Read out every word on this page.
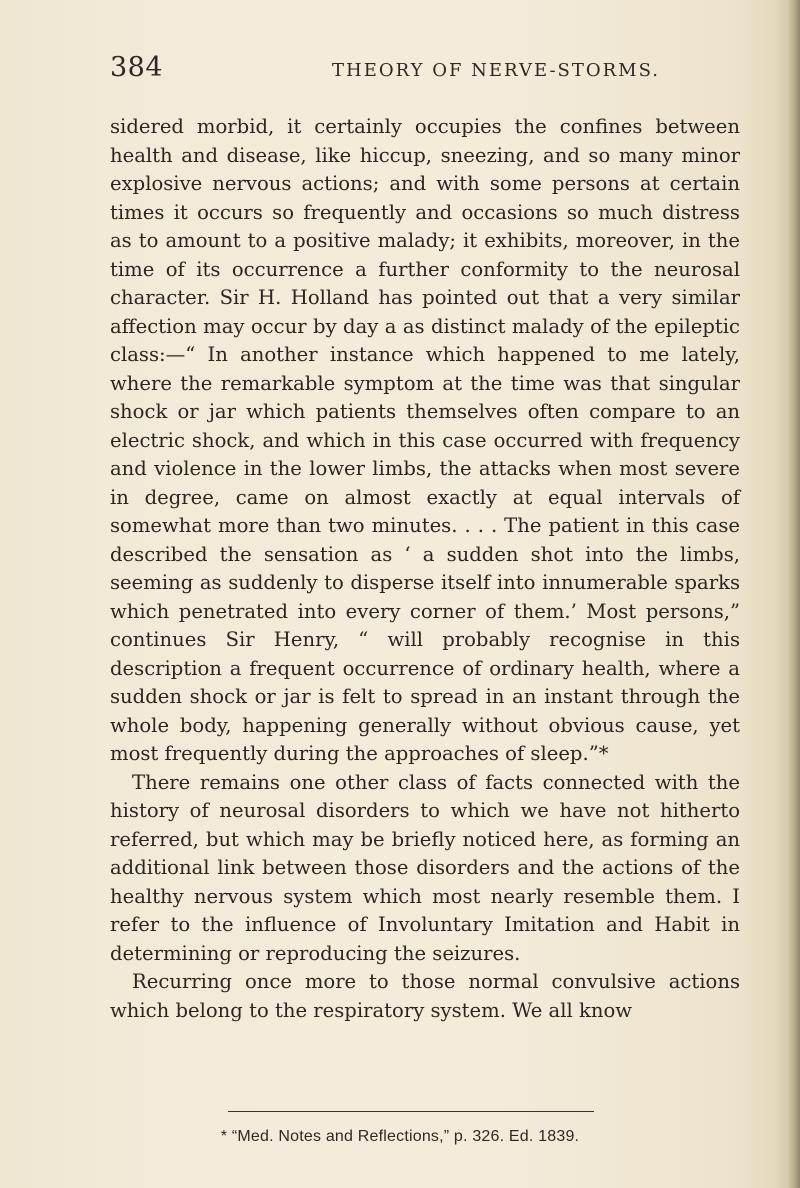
384	THEORY OF NERVE-STORMS.

sidered morbid, it certainly occupies the confines between health and disease, like hiccup, sneezing, and so many minor explosive nervous actions; and with some persons at certain times it occurs so frequently and occasions so much distress as to amount to a positive malady; it exhibits, moreover, in the time of its occurrence a further conformity to the neurosal character. Sir H. Holland has pointed out that a very similar affection may occur by day a as distinct malady of the epileptic class:—“ In another instance which happened to me lately, where the remarkable symptom at the time was that singular shock or jar which patients themselves often compare to an electric shock, and which in this case occurred with frequency and violence in the lower limbs, the attacks when most severe in degree, came on almost exactly at equal intervals of somewhat more than two minutes. . . . The patient in this case described the sensation as ‘ a sudden shot into the limbs, seeming as suddenly to disperse itself into innumerable sparks which penetrated into every corner of them.’ Most persons,” continues Sir Henry, “ will probably recognise in this description a frequent occurrence of ordinary health, where a sudden shock or jar is felt to spread in an instant through the whole body, happening generally without obvious cause, yet most frequently during the approaches of sleep.”*

There remains one other class of facts connected with the history of neurosal disorders to which we have not hitherto referred, but which may be briefly noticed here, as forming an additional link between those disorders and the actions of the healthy nervous system which most nearly resemble them. I refer to the influence of Involuntary Imitation and Habit in determining or reproducing the seizures.

Recurring once more to those normal convulsive actions which belong to the respiratory system. We all know

* “Med. Notes and Reflections,” p. 326. Ed. 1839.
